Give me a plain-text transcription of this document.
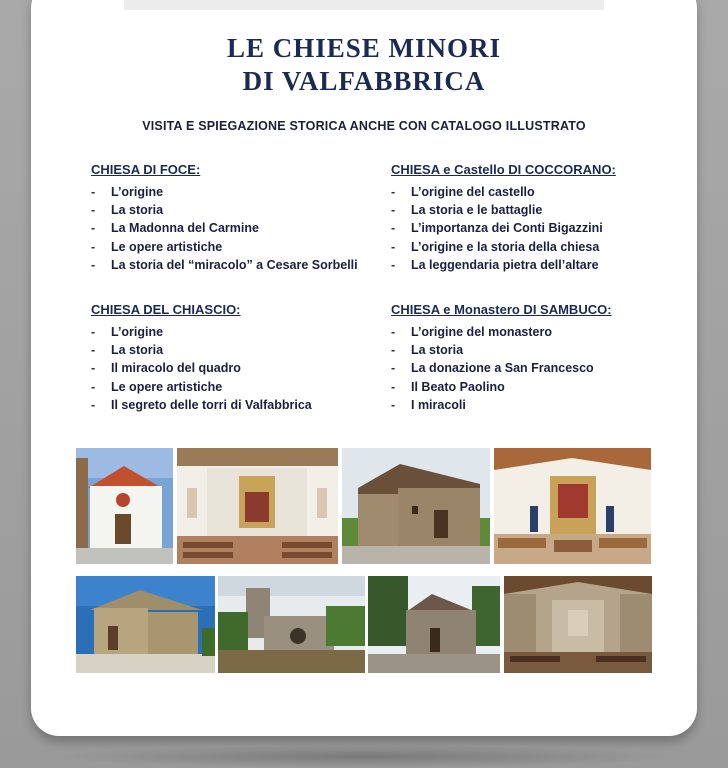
LE CHIESE MINORI
DI VALFABBRICA
VISITA E SPIEGAZIONE STORICA ANCHE CON CATALOGO ILLUSTRATO
CHIESA DI FOCE:
-	L’origine
-	La storia
-	La Madonna del Carmine
-	Le opere artistiche
-	La storia del “miracolo” a Cesare Sorbelli
CHIESA e Castello DI COCCORANO:
-	L’origine del castello
-	La storia e le battaglie
-	L’importanza dei Conti Bigazzini
-	L’origine e la storia della chiesa
-	La leggendaria pietra dell’altare
CHIESA DEL CHIASCIO:
-	L’origine
-	La storia
-	Il miracolo del quadro
-	Le opere artistiche
-	Il segreto delle torri di Valfabbrica
CHIESA e Monastero DI SAMBUCO:
-	L’origine del monastero
-	La storia
-	La donazione a San Francesco
-	Il Beato Paolino
-	I miracoli
